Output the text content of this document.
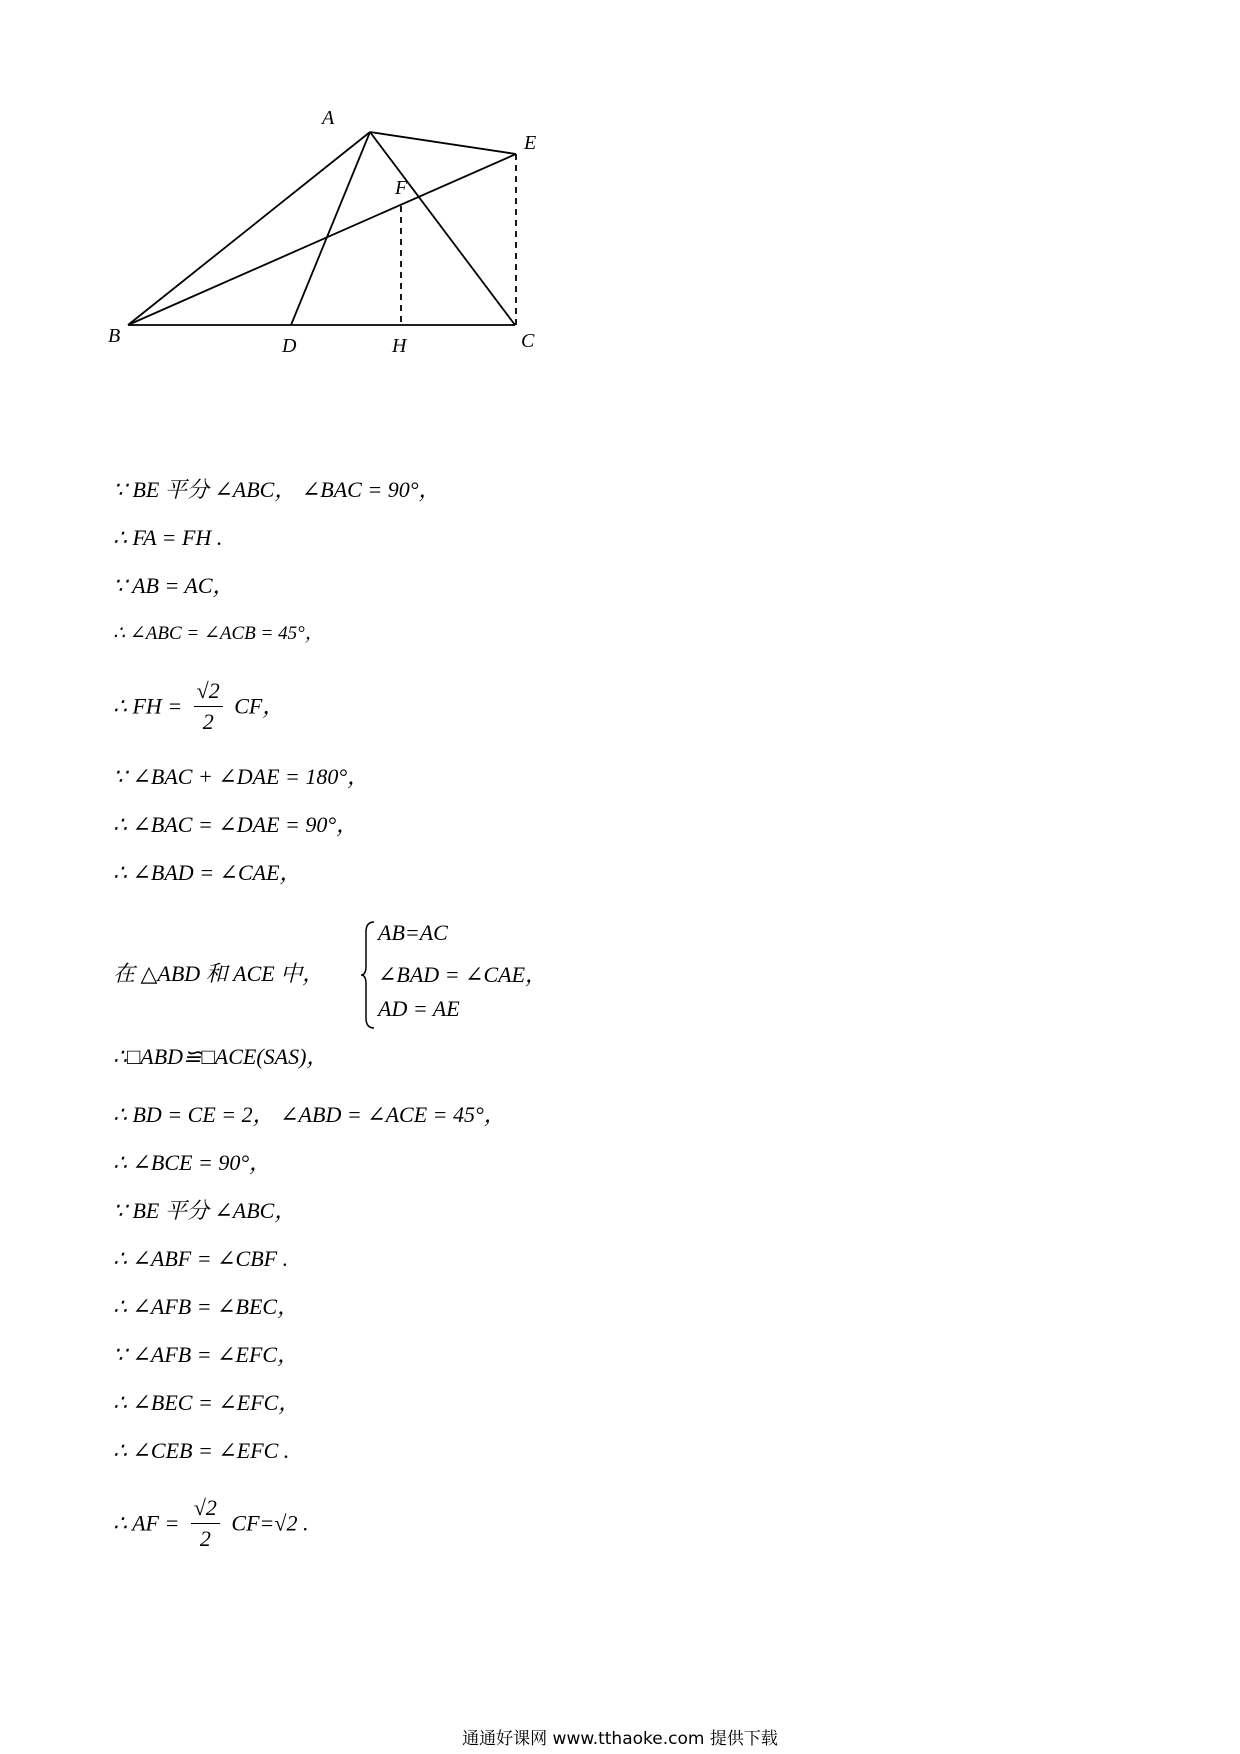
A
E
F
B	D	H	C
∵ BE 平分 ∠ABC， ∠BAC = 90°，
∴ FA = FH .
∵ AB = AC，
∴ ∠ABC = ∠ACB = 45°，
∴ FH = $\frac{√2}{2}$ CF，
∵ ∠BAC + ∠DAE = 180°，
∴ ∠BAC = ∠DAE = 90°，
∴ ∠BAD = ∠CAE，
在 △ABD 和 ACE 中，
AB=AC
∠BAD = ∠CAE，
AD = AE
∴□ABD≌□ACE(SAS)，
∴ BD = CE = 2， ∠ABD = ∠ACE = 45°，
∴ ∠BCE = 90°，
∵ BE 平分 ∠ABC，
∴ ∠ABF = ∠CBF .
∴ ∠AFB = ∠BEC，
∵ ∠AFB = ∠EFC，
∴ ∠BEC = ∠EFC，
∴ ∠CEB = ∠EFC .
∴ AF = $\frac{√2}{2} CF=√2$ .
通通好课网 www.tthaoke.com 提供下载
